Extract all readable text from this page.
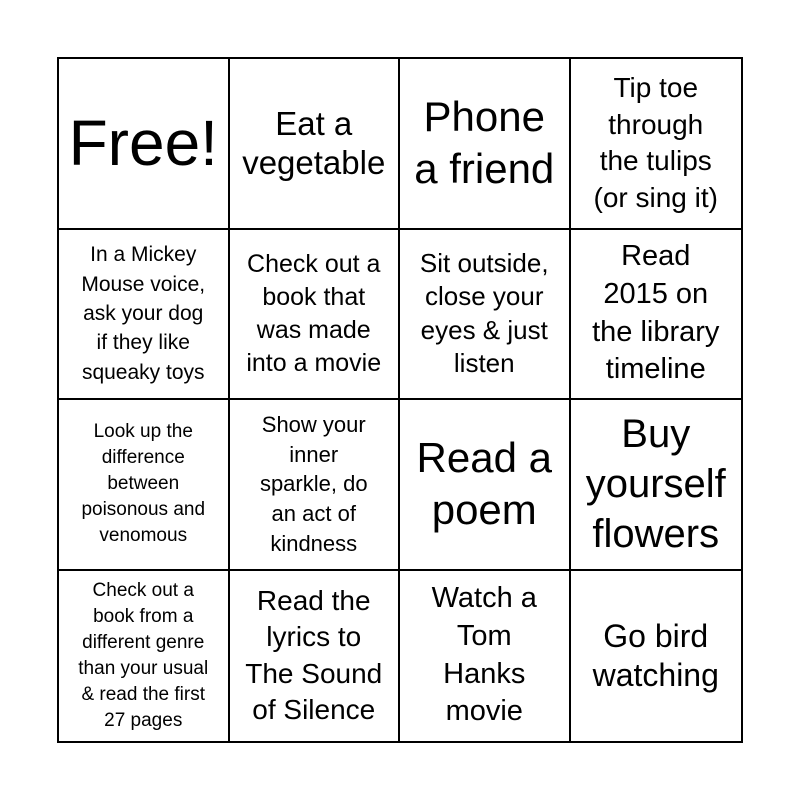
Free!	Eat a
vegetable
Phone
a friend
Tip toe
through
the tulips
(or sing it)
In a Mickey
Mouse voice,
ask your dog
if they like
squeaky toys
Check out a
book that
was made
into a movie
Sit outside,
close your
eyes & just
listen
Read
2015 on
the library
timeline
Look up the
difference
between
poisonous and
venomous
Show your
inner
sparkle, do
an act of
kindness
Read a
poem
Buy
yourself
flowers
Check out a
book from a
different genre
than your usual
& read the first
27 pages
Read the
lyrics to
The Sound
of Silence
Watch a
Tom
Hanks
movie
Go bird
watching
